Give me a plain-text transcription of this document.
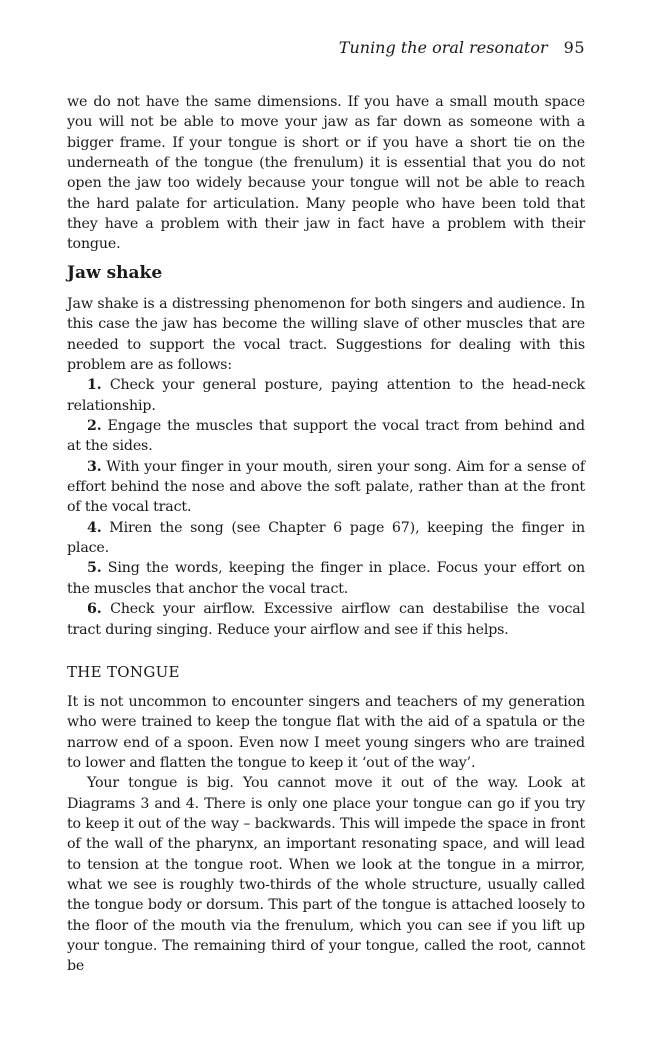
Tuning the oral resonator 95

we do not have the same dimensions. If you have a small mouth space you will not be able to move your jaw as far down as someone with a bigger frame. If your tongue is short or if you have a short tie on the underneath of the tongue (the frenulum) it is essential that you do not open the jaw too widely because your tongue will not be able to reach the hard palate for articulation. Many people who have been told that they have a problem with their jaw in fact have a problem with their tongue.

Jaw shake

Jaw shake is a distressing phenomenon for both singers and audience. In this case the jaw has become the willing slave of other muscles that are needed to support the vocal tract. Suggestions for dealing with this problem are as follows:

1. Check your general posture, paying attention to the head-neck relationship.

2. Engage the muscles that support the vocal tract from behind and at the sides.

3. With your finger in your mouth, siren your song. Aim for a sense of effort behind the nose and above the soft palate, rather than at the front of the vocal tract.

4. Miren the song (see Chapter 6 page 67), keeping the finger in place.

5. Sing the words, keeping the finger in place. Focus your effort on the muscles that anchor the vocal tract.

6. Check your airflow. Excessive airflow can destabilise the vocal tract during singing. Reduce your airflow and see if this helps.

THE TONGUE

It is not uncommon to encounter singers and teachers of my generation who were trained to keep the tongue flat with the aid of a spatula or the narrow end of a spoon. Even now I meet young singers who are trained to lower and flatten the tongue to keep it ‘out of the way’.

Your tongue is big. You cannot move it out of the way. Look at Diagrams 3 and 4. There is only one place your tongue can go if you try to keep it out of the way – backwards. This will impede the space in front of the wall of the pharynx, an important resonating space, and will lead to tension at the tongue root. When we look at the tongue in a mirror, what we see is roughly two-thirds of the whole structure, usually called the tongue body or dorsum. This part of the tongue is attached loosely to the floor of the mouth via the frenulum, which you can see if you lift up your tongue. The remaining third of your tongue, called the root, cannot be
